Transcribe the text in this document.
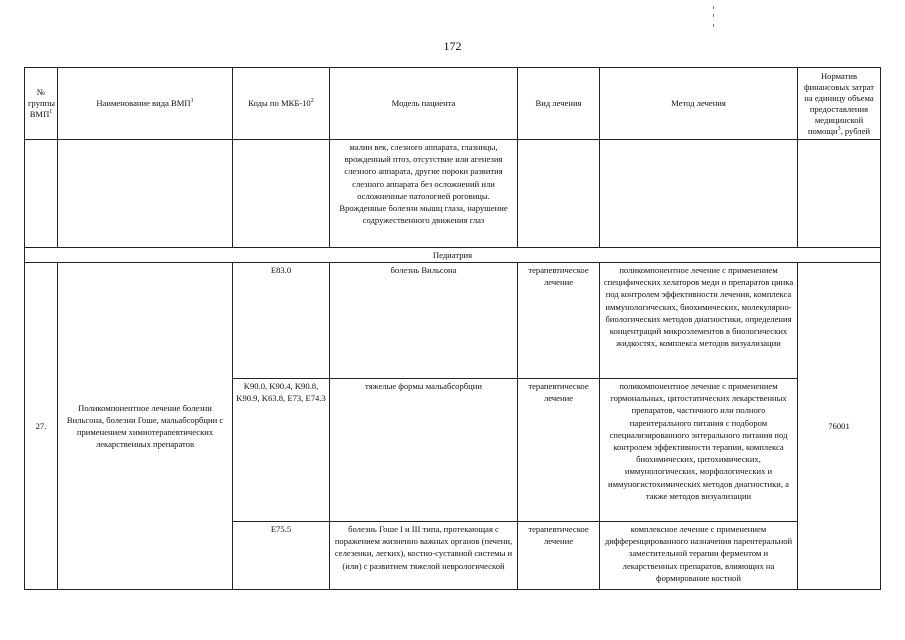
172
№ группы ВМП$^1$	Наименование вида ВМП$^1$	Коды по МКБ-$10^2$	Модель пациента	Вид лечения	Метод лечения	Норматив финансовых затрат на единицу объема предоставления медицинской помощи$^3$, рублей
			малии век, слезного аппарата, глазницы, врожденный птоз, отсутствие или агенезия слезного аппарата, другие пороки развития слезного аппарата без осложнений или осложненные патологией роговицы. Врожденные болезни мышц глаза, нарушение содружественного движения глаз			
Педиатрия						
27.	Поликомпонентное лечение болезни Вильсона, болезни Гоше, мальабсорбции с применением химиотерапевтических лекарственных препаратов	E83.0	болезнь Вильсона	терапевтическое лечение	поликомпонентное лечение с применением специфических хелаторов меди и препаратов цинка под контролем эффективности лечения, комплекса иммунологических, биохимических, молекулярно-биологических методов диагностики, определения концентраций микроэлементов в биологических жидкостях, комплекса методов визуализации	76001
		K90.0, K90.4, K90.8, K90.9, K63.8, E73, E74.3	тяжелые формы мальабсорбции	терапевтическое лечение	поликомпонентное лечение с применением гормональных, цитостатических лекарственных препаратов, частичного или полного парентерального питания с подбором специализированного энтерального питания под контролем эффективности терапии, комплекса биохимических, цитохимических, иммунологических, морфологических и иммуногистохимических методов диагностики, а также методов визуализации	
		E75.5	болезнь Гоше I и III типа, протекающая с поражением жизненно важных органов (печени, селезенки, легких), костно-суставной системы и (или) с развитием тяжелой неврологической	терапевтическое лечение	комплексное лечение с применением дифференцированного назначения парентеральной заместительной терапии ферментом и лекарственных препаратов, влияющих на формирование костной	
